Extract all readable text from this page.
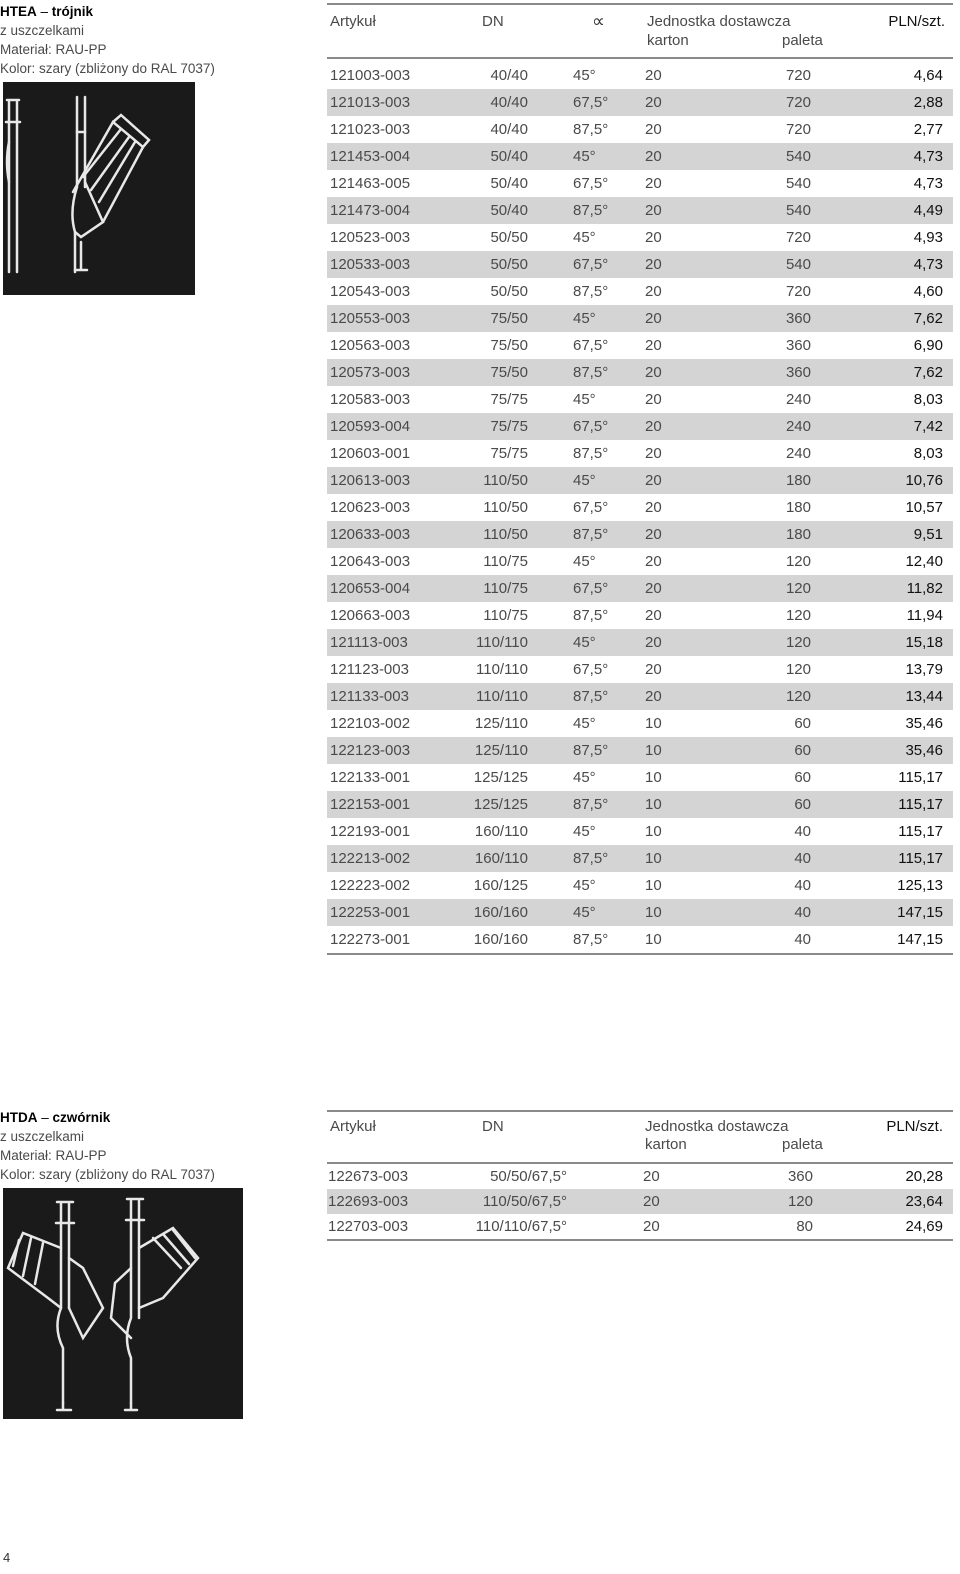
HTEA – trójnik
z uszczelkami
Materiał: RAU-PP
Kolor: szary (zbliżony do RAL 7037)
Artykuł	DN	∝	Jednostka dostawcza
karton	paleta
PLN/szt.
121003-003	40/40	45°	20	720	4,64
121013-003	40/40	67,5° 20	720	2,88
121023-003	40/40	87,5° 20	720	2,77
121453-004	50/40	45°	20	540	4,73
121463-005	50/40	67,5° 20	540	4,73
121473-004	50/40	87,5° 20	540	4,49
120523-003	50/50	45°	20	720	4,93
120533-003	50/50	67,5° 20	540	4,73
120543-003	50/50	87,5° 20	720	4,60
120553-003	75/50	45°	20	360	7,62
120563-003	75/50	67,5° 20	360	6,90
120573-003	75/50	87,5° 20	360	7,62
120583-003	75/75	45°	20	240	8,03
120593-004	75/75	67,5° 20	240	7,42
120603-001	75/75	87,5° 20	240	8,03
120613-003	110/50	45°	20	180	10,76
120623-003	110/50	67,5° 20	180	10,57
120633-003	110/50	87,5° 20	180	9,51
120643-003	110/75	45°	20	120	12,40
120653-004	110/75	67,5° 20	120	11,82
120663-003	110/75	87,5° 20	120	11,94
121113-003	110/110	45°	20	120	15,18
121123-003	110/110	67,5° 20	120	13,79
121133-003	110/110	87,5° 20	120	13,44
122103-002	125/110	45°	10	60	35,46
122123-003	125/110	87,5° 10	60	35,46
122133-001	125/125	45°	10	60	115,17
122153-001	125/125	87,5° 10	60	115,17
122193-001	160/110	45°	10	40	115,17
122213-002	160/110	87,5° 10	40	115,17
122223-002	160/125	45°	10	40	125,13
122253-001	160/160	45°	10	40	147,15
122273-001	160/160	87,5° 10	40	147,15
HTDA – czwórnik
z uszczelkami
Materiał: RAU-PP
Kolor: szary (zbliżony do RAL 7037)
Artykuł	DN	Jednostka dostawcza
karton	paleta
PLN/szt.
122673-003	50/50/67,5°	20	360	20,28
122693-003	110/50/67,5°	20	120	23,64
122703-003	110/110/67,5°	20	80	24,69
4
